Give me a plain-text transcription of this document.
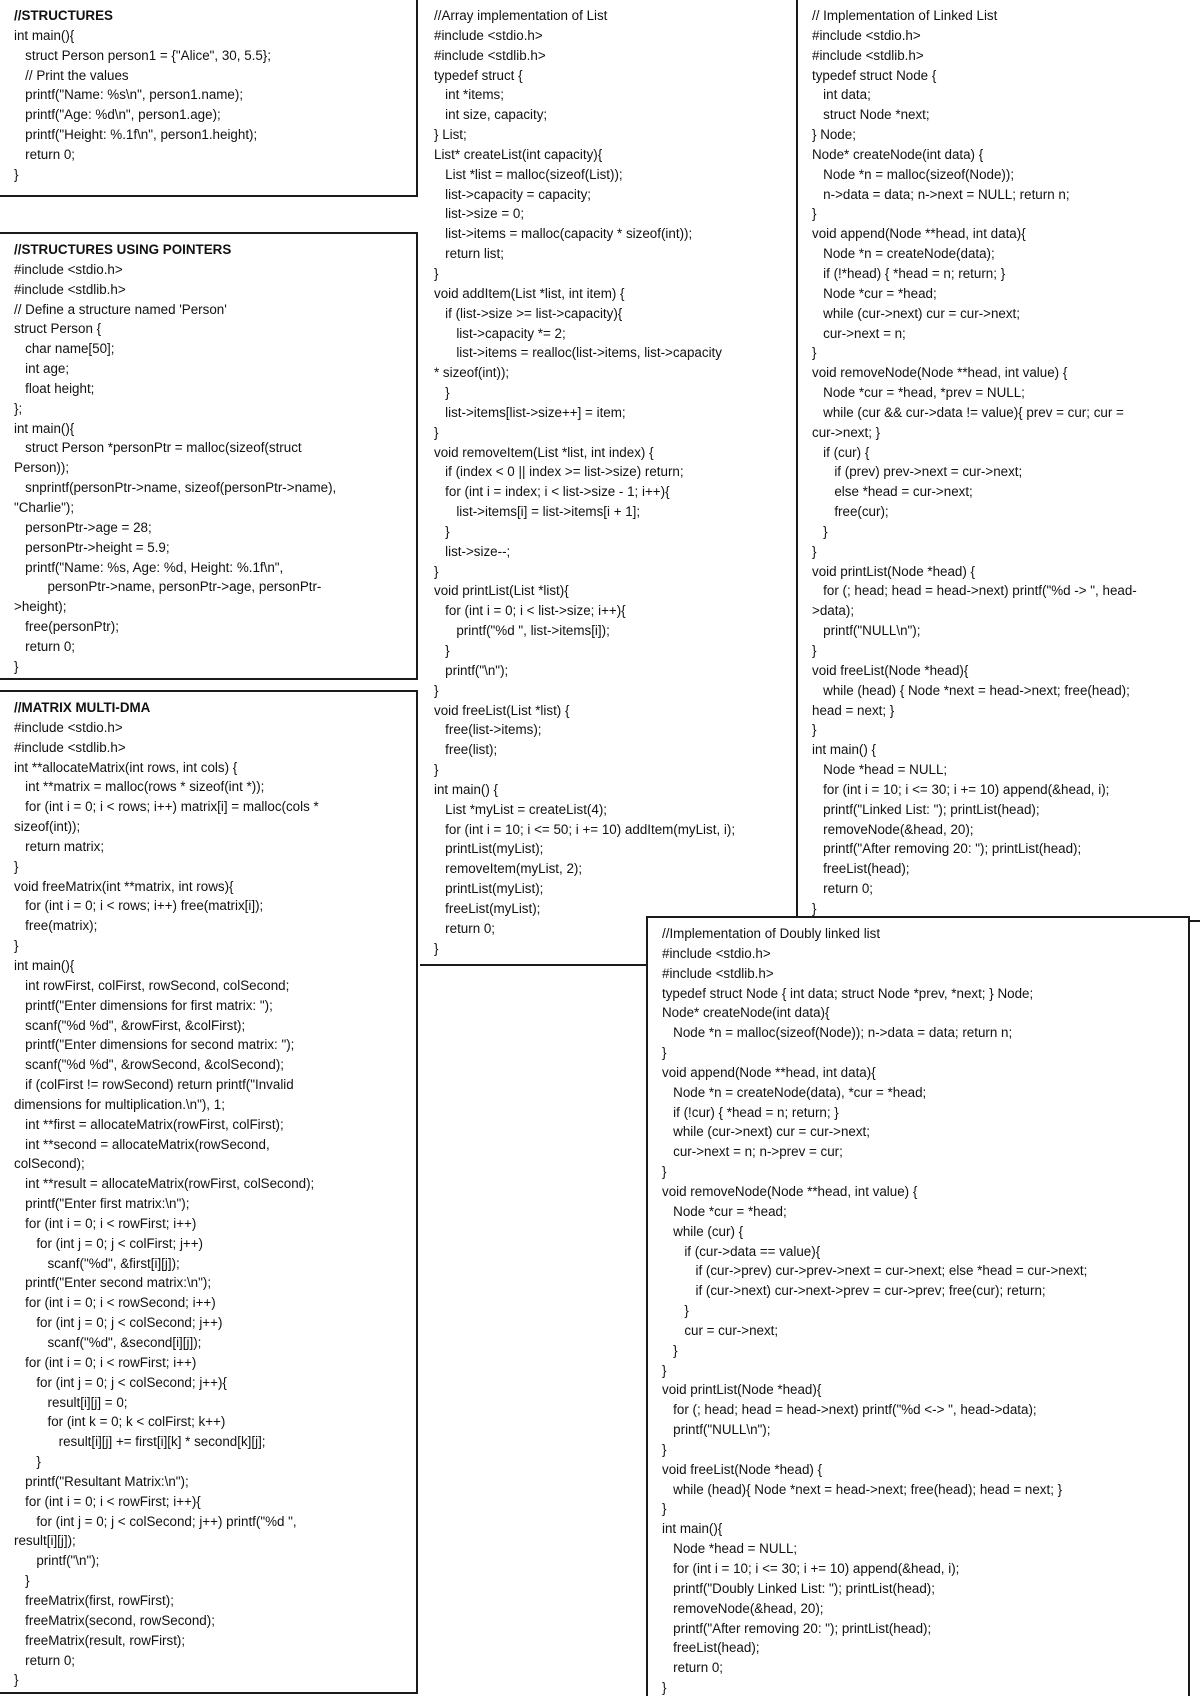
//STRUCTURES
int main(){
struct Person person1 = {"Alice", 30, 5.5};
// Print the values
printf("Name: %s\n", person1.name);
printf("Age: %d\n", person1.age);
printf("Height: %.1f\n", person1.height);
return 0;
}
//STRUCTURES USING POINTERS
#include <stdio.h>
#include <stdlib.h>
// Define a structure named 'Person'
struct Person {
char name[50];
int age;
float height;
};
int main(){
struct Person *personPtr = malloc(sizeof(struct
Person));
snprintf(personPtr->name, sizeof(personPtr->name),
"Charlie");
personPtr->age = 28;
personPtr->height = 5.9;
printf("Name: %s, Age: %d, Height: %.1f\n",
personPtr->name, personPtr->age, personPtr-
>height);
free(personPtr);
return 0;
}
//MATRIX MULTI-DMA
#include <stdio.h>
#include <stdlib.h>
int **allocateMatrix(int rows, int cols) {
int **matrix = malloc(rows * sizeof(int *));
for (int i = 0; i < rows; i++) matrix[i] = malloc(cols *
sizeof(int));
return matrix;
}
void freeMatrix(int **matrix, int rows){
for (int i = 0; i < rows; i++) free(matrix[i]);
free(matrix);
}
int main(){
int rowFirst, colFirst, rowSecond, colSecond;
printf("Enter dimensions for first matrix: ");
scanf("%d %d", &rowFirst, &colFirst);
printf("Enter dimensions for second matrix: ");
scanf("%d %d", &rowSecond, &colSecond);
if (colFirst != rowSecond) return printf("Invalid
dimensions for multiplication.\n"), 1;
int **first = allocateMatrix(rowFirst, colFirst);
int **second = allocateMatrix(rowSecond,
colSecond);
int **result = allocateMatrix(rowFirst, colSecond);
printf("Enter first matrix:\n");
for (int i = 0; i < rowFirst; i++)
for (int j = 0; j < colFirst; j++)
scanf("%d", &first[i][j]);
printf("Enter second matrix:\n");
for (int i = 0; i < rowSecond; i++)
for (int j = 0; j < colSecond; j++)
scanf("%d", &second[i][j]);
for (int i = 0; i < rowFirst; i++)
for (int j = 0; j < colSecond; j++){
result[i][j] = 0;
for (int k = 0; k < colFirst; k++)
result[i][j] += first[i][k] * second[k][j];
}
printf("Resultant Matrix:\n");
for (int i = 0; i < rowFirst; i++){
for (int j = 0; j < colSecond; j++) printf("%d ",
result[i][j]);
printf("\n");
}
freeMatrix(first, rowFirst);
freeMatrix(second, rowSecond);
freeMatrix(result, rowFirst);
return 0;
}
//Array implementation of List
#include <stdio.h>
#include <stdlib.h>
typedef struct {
int *items;
int size, capacity;
} List;
List* createList(int capacity){
List *list = malloc(sizeof(List));
list->capacity = capacity;
list->size = 0;
list->items = malloc(capacity * sizeof(int));
return list;
}
void addItem(List *list, int item) {
if (list->size >= list->capacity){
list->capacity *= 2;
list->items = realloc(list->items, list->capacity
* sizeof(int));
}
list->items[list->size++] = item;
}
void removeItem(List *list, int index) {
if (index < 0 || index >= list->size) return;
for (int i = index; i < list->size - 1; i++){
list->items[i] = list->items[i + 1];
}
list->size--;
}
void printList(List *list){
for (int i = 0; i < list->size; i++){
printf("%d ", list->items[i]);
}
printf("\n");
}
void freeList(List *list) {
free(list->items);
free(list);
}
int main() {
List *myList = createList(4);
for (int i = 10; i <= 50; i += 10) addItem(myList, i);
printList(myList);
removeItem(myList, 2);
printList(myList);
freeList(myList);
return 0;
}
// Implementation of Linked List
#include <stdio.h>
#include <stdlib.h>
typedef struct Node {
int data;
struct Node *next;
} Node;
Node* createNode(int data) {
Node *n = malloc(sizeof(Node));
n->data = data; n->next = NULL; return n;
}
void append(Node **head, int data){
Node *n = createNode(data);
if (!*head) { *head = n; return; }
Node *cur = *head;
while (cur->next) cur = cur->next;
cur->next = n;
}
void removeNode(Node **head, int value) {
Node *cur = *head, *prev = NULL;
while (cur && cur->data != value){ prev = cur; cur =
cur->next; }
if (cur) {
if (prev) prev->next = cur->next;
else *head = cur->next;
free(cur);
}
}
void printList(Node *head) {
for (; head; head = head->next) printf("%d -> ", head-
>data);
printf("NULL\n");
}
void freeList(Node *head){
while (head) { Node *next = head->next; free(head);
head = next; }
}
int main() {
Node *head = NULL;
for (int i = 10; i <= 30; i += 10) append(&head, i);
printf("Linked List: "); printList(head);
removeNode(&head, 20);
printf("After removing 20: "); printList(head);
freeList(head);
return 0;
}
//Implementation of Doubly linked list
#include <stdio.h>
#include <stdlib.h>
typedef struct Node { int data; struct Node *prev, *next; } Node;
Node* createNode(int data){
Node *n = malloc(sizeof(Node)); n->data = data; return n;
}
void append(Node **head, int data){
Node *n = createNode(data), *cur = *head;
if (!cur) { *head = n; return; }
while (cur->next) cur = cur->next;
cur->next = n; n->prev = cur;
}
void removeNode(Node **head, int value) {
Node *cur = *head;
while (cur) {
if (cur->data == value){
if (cur->prev) cur->prev->next = cur->next; else *head = cur->next;
if (cur->next) cur->next->prev = cur->prev; free(cur); return;
}
cur = cur->next;
}
}
void printList(Node *head){
for (; head; head = head->next) printf("%d <-> ", head->data);
printf("NULL\n");
}
void freeList(Node *head) {
while (head){ Node *next = head->next; free(head); head = next; }
}
int main(){
Node *head = NULL;
for (int i = 10; i <= 30; i += 10) append(&head, i);
printf("Doubly Linked List: "); printList(head);
removeNode(&head, 20);
printf("After removing 20: "); printList(head);
freeList(head);
return 0;
}
